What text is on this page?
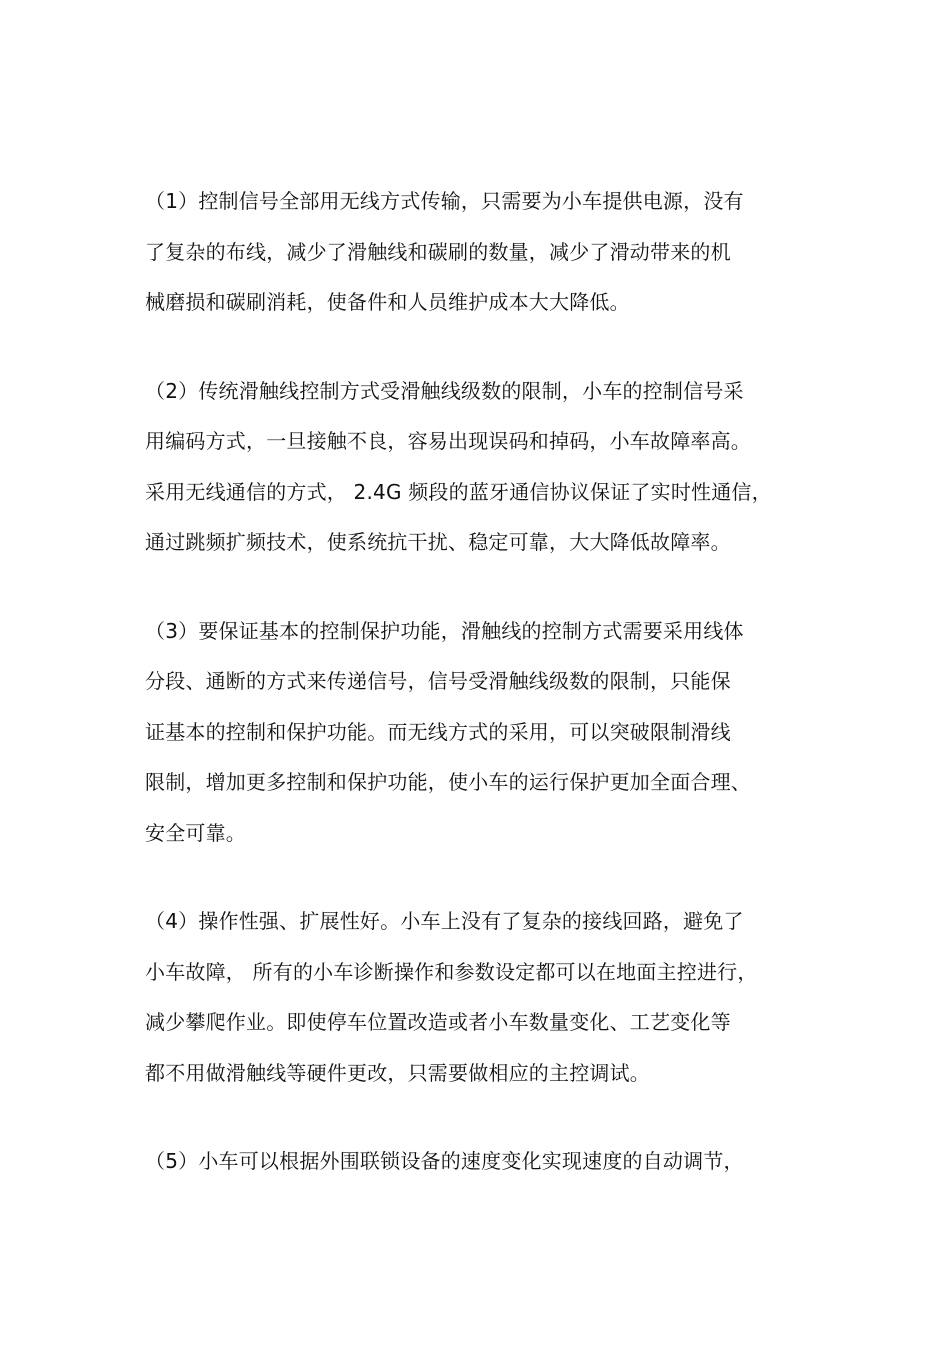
（1）控制信号全部用无线方式传输，只需要为小车提供电源，没有
了复杂的布线，减少了滑触线和碳刷的数量，减少了滑动带来的机
械磨损和碳刷消耗，使备件和人员维护成本大大降低。
（2）传统滑触线控制方式受滑触线级数的限制，小车的控制信号采
用编码方式，一旦接触不良，容易出现误码和掉码，小车故障率高。
采用无线通信的方式， 2.4G 频段的蓝牙通信协议保证了实时性通信，
通过跳频扩频技术，使系统抗干扰、稳定可靠，大大降低故障率。
（3）要保证基本的控制保护功能，滑触线的控制方式需要采用线体
分段、通断的方式来传递信号，信号受滑触线级数的限制，只能保
证基本的控制和保护功能。而无线方式的采用，可以突破限制滑线
限制，增加更多控制和保护功能，使小车的运行保护更加全面合理、
安全可靠。
（4）操作性强、扩展性好。小车上没有了复杂的接线回路，避免了
小车故障， 所有的小车诊断操作和参数设定都可以在地面主控进行，
减少攀爬作业。即使停车位置改造或者小车数量变化、工艺变化等
都不用做滑触线等硬件更改，只需要做相应的主控调试。
（5）小车可以根据外围联锁设备的速度变化实现速度的自动调节，
